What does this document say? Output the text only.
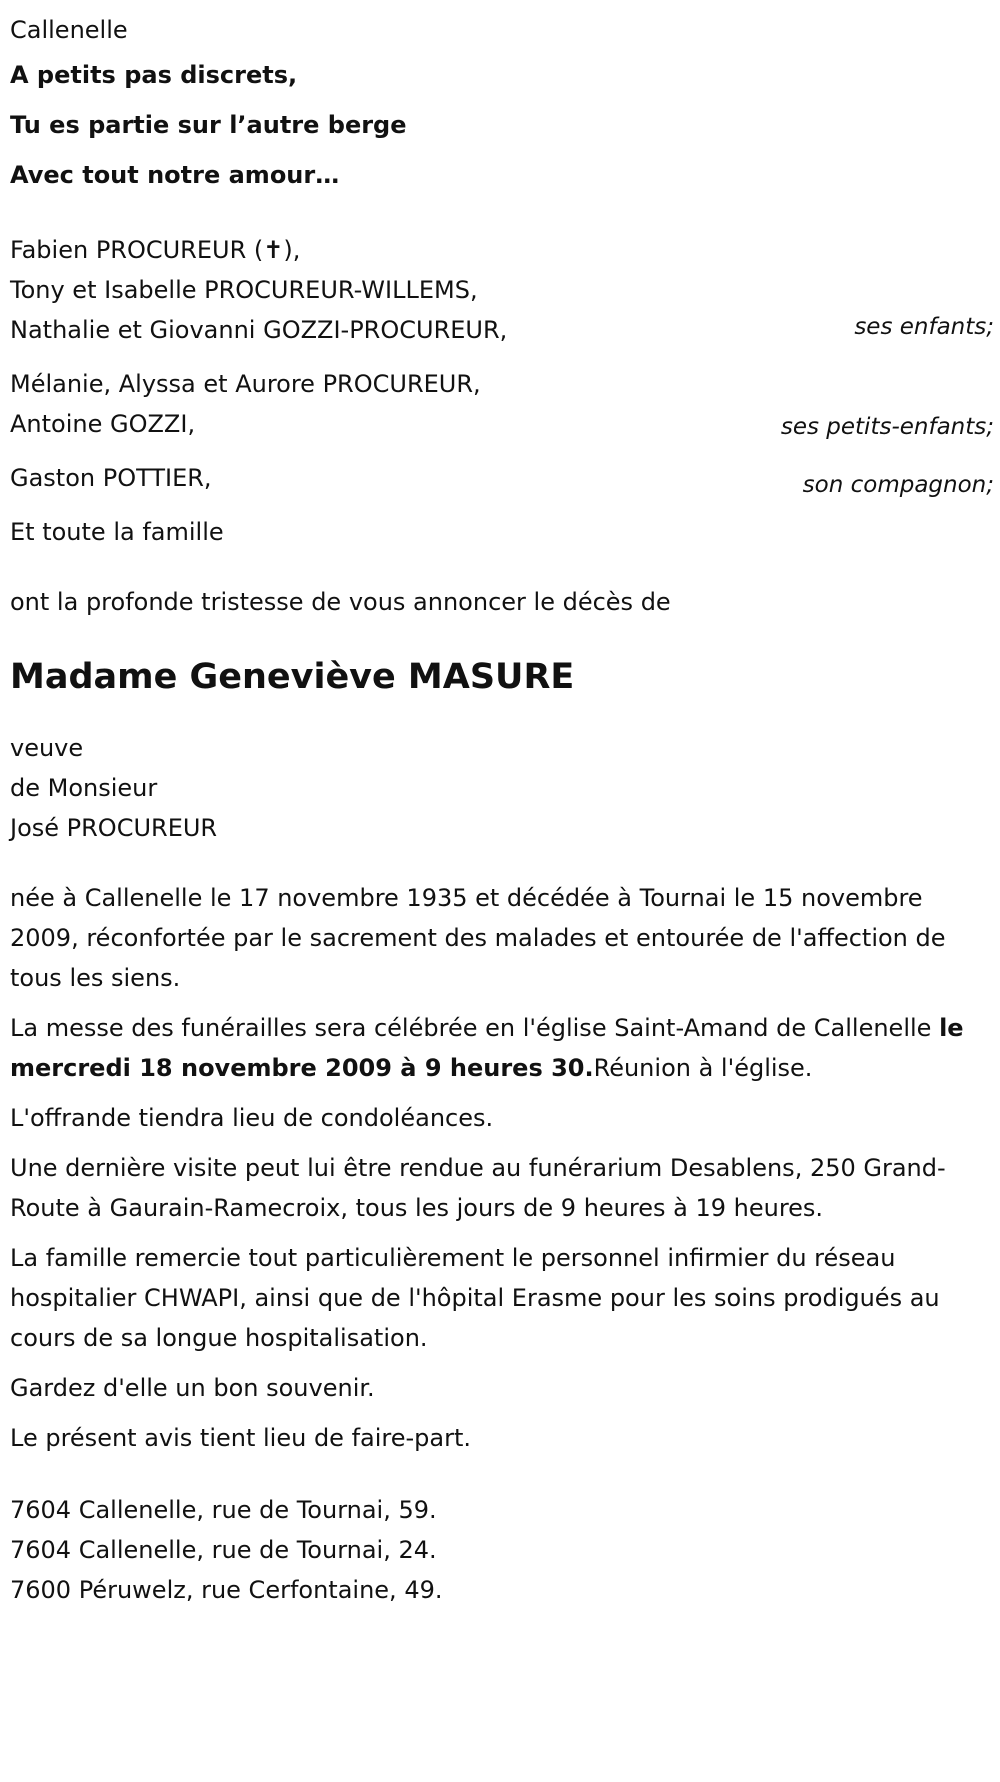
Callenelle
A petits pas discrets,
Tu es partie sur l’autre berge
Avec tout notre amour…
Fabien PROCUREUR (✝),
Tony et Isabelle PROCUREUR-WILLEMS,
Nathalie et Giovanni GOZZI-PROCUREUR,	ses enfants;
Mélanie, Alyssa et Aurore PROCUREUR,
Antoine GOZZI,	ses petits-enfants;
Gaston POTTIER,	son compagnon;
Et toute la famille
ont la profonde tristesse de vous annoncer le décès de
Madame Geneviève MASURE
veuve
de Monsieur
José PROCUREUR
née à Callenelle le 17 novembre 1935 et décédée à Tournai le 15 novembre 2009, réconfortée par le sacrement des malades et entourée de l'affection de tous les siens.
La messe des funérailles sera célébrée en l'église Saint-Amand de Callenelle le mercredi 18 novembre 2009 à 9 heures 30.Réunion à l'église.
L'offrande tiendra lieu de condoléances.
Une dernière visite peut lui être rendue au funérarium Desablens, 250 Grand-Route à Gaurain-Ramecroix, tous les jours de 9 heures à 19 heures.
La famille remercie tout particulièrement le personnel infirmier du réseau hospitalier CHWAPI, ainsi que de l'hôpital Erasme pour les soins prodigués au cours de sa longue hospitalisation.
Gardez d'elle un bon souvenir.
Le présent avis tient lieu de faire-part.
7604 Callenelle, rue de Tournai, 59.
7604 Callenelle, rue de Tournai, 24.
7600 Péruwelz, rue Cerfontaine, 49.
